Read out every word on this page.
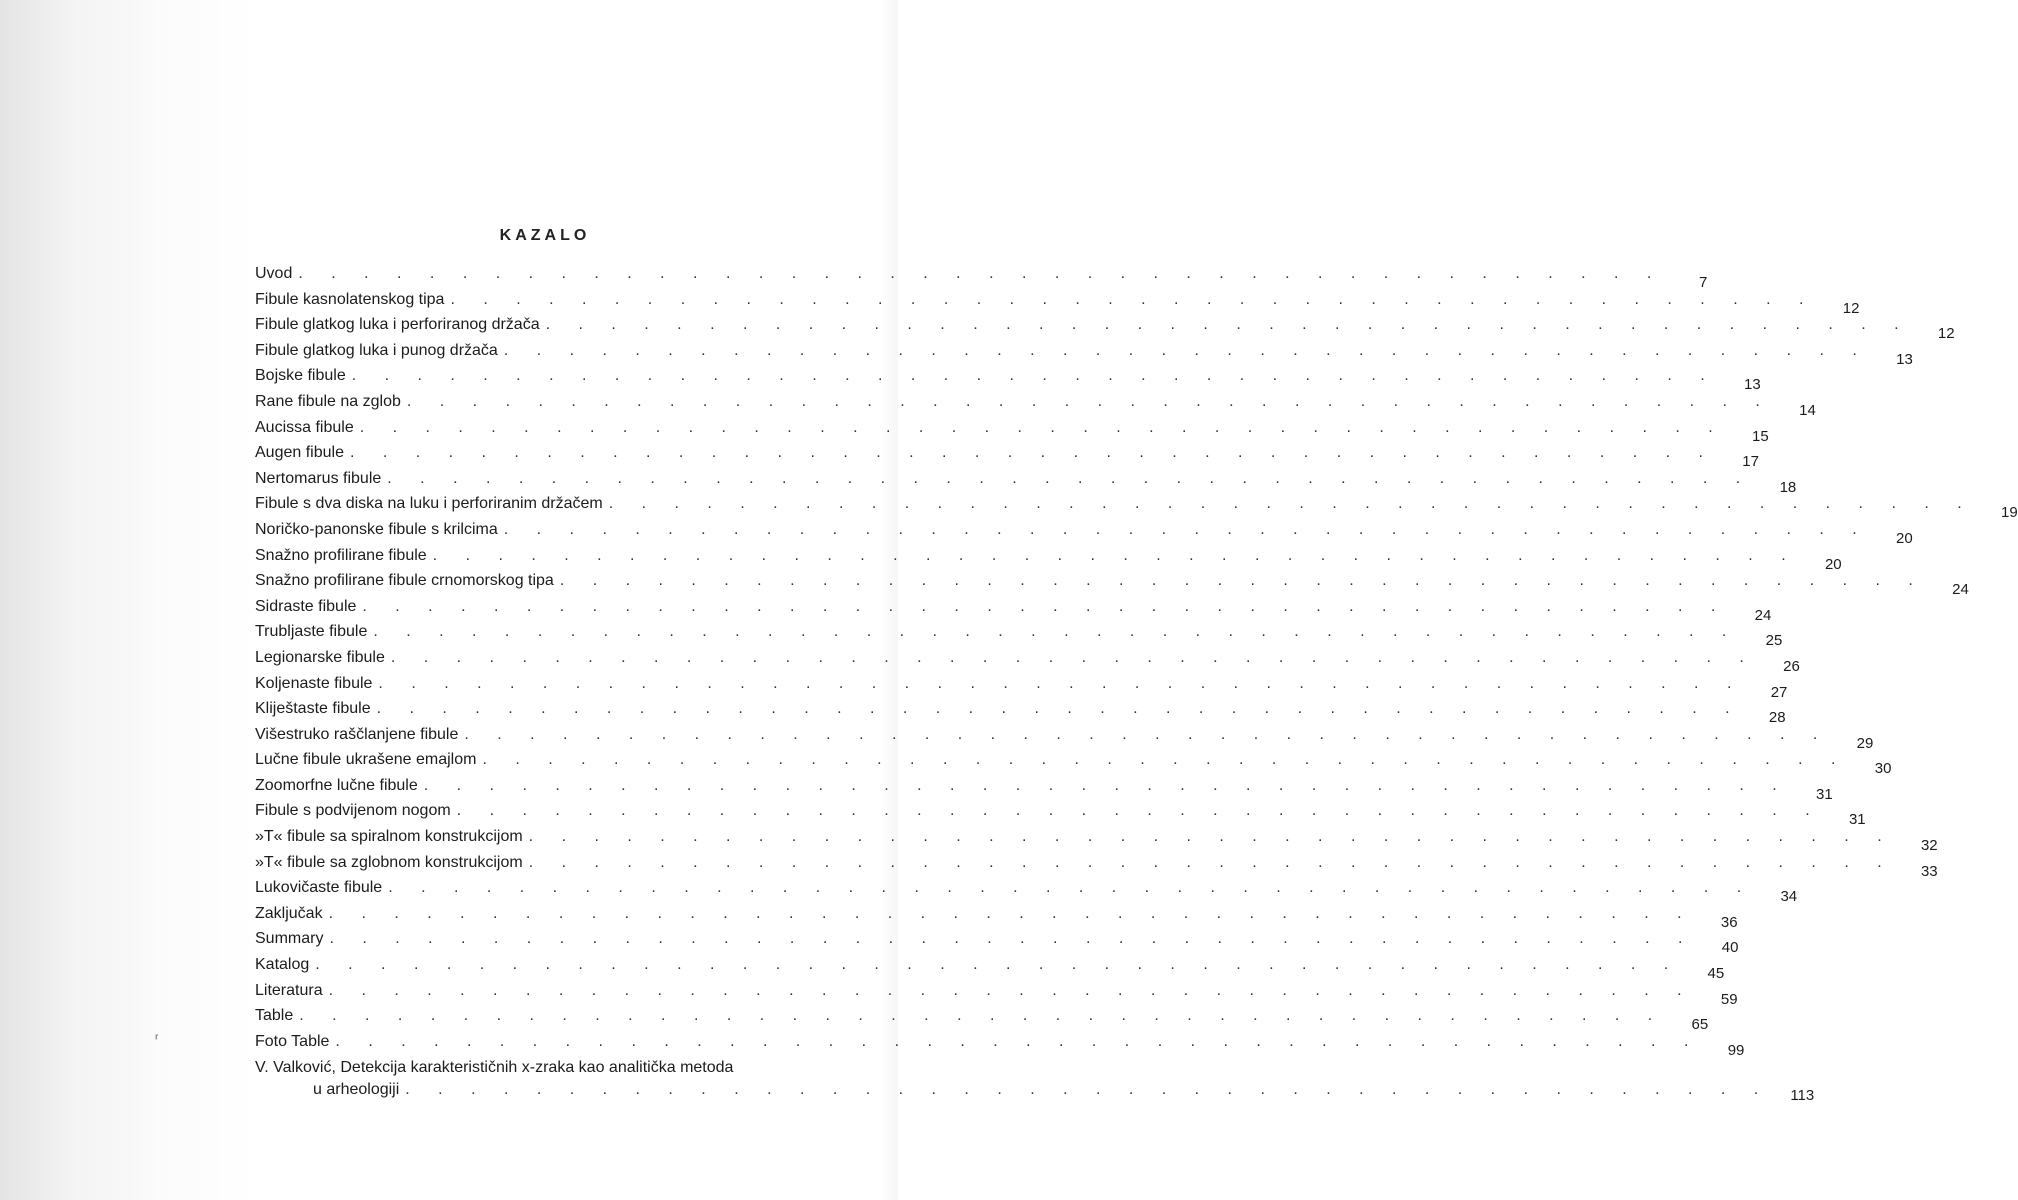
KAZALO
Uvod . . . . . . . . . . . . . . . . . . . . . . . . . . . . . . . . . . . . . . . . . .
7
Fibule kasnolatenskog tipa . . . . . . . . . . . . . . . . . . . . . . . . . . . . . . . . . . . . . . . . . .
12
Fibule glatkog luka i perforiranog držača . . . . . . . . . . . . . . . . . . . . . . . . . . . . . . . . . . . . . . . . . .
12
Fibule glatkog luka i punog držača . . . . . . . . . . . . . . . . . . . . . . . . . . . . . . . . . . . . . . . . . .
13
Bojske fibule . . . . . . . . . . . . . . . . . . . . . . . . . . . . . . . . . . . . . . . . . .
13
Rane fibule na zglob . . . . . . . . . . . . . . . . . . . . . . . . . . . . . . . . . . . . . . . . . .
14
Aucissa fibule . . . . . . . . . . . . . . . . . . . . . . . . . . . . . . . . . . . . . . . . . .
15
Augen fibule . . . . . . . . . . . . . . . . . . . . . . . . . . . . . . . . . . . . . . . . . .
17
Nertomarus fibule . . . . . . . . . . . . . . . . . . . . . . . . . . . . . . . . . . . . . . . . . .
18
Fibule s dva diska na luku i perforiranim držačem . . . . . . . . . . . . . . . . . . . . . . . . . . . . . . . . . . . . . . . . . .
19
Noričko-panonske fibule s krilcima . . . . . . . . . . . . . . . . . . . . . . . . . . . . . . . . . . . . . . . . . .
20
Snažno profilirane fibule . . . . . . . . . . . . . . . . . . . . . . . . . . . . . . . . . . . . . . . . . .
20
Snažno profilirane fibule crnomorskog tipa . . . . . . . . . . . . . . . . . . . . . . . . . . . . . . . . . . . . . . . . . .
24
Sidraste fibule . . . . . . . . . . . . . . . . . . . . . . . . . . . . . . . . . . . . . . . . . .
24
Trubljaste fibule . . . . . . . . . . . . . . . . . . . . . . . . . . . . . . . . . . . . . . . . . .
25
Legionarske fibule . . . . . . . . . . . . . . . . . . . . . . . . . . . . . . . . . . . . . . . . . .
26
Koljenaste fibule . . . . . . . . . . . . . . . . . . . . . . . . . . . . . . . . . . . . . . . . . .
27
Kliještaste fibule . . . . . . . . . . . . . . . . . . . . . . . . . . . . . . . . . . . . . . . . . .
28
Višestruko raščlanjene fibule . . . . . . . . . . . . . . . . . . . . . . . . . . . . . . . . . . . . . . . . . .
29
Lučne fibule ukrašene emajlom . . . . . . . . . . . . . . . . . . . . . . . . . . . . . . . . . . . . . . . . . .
30
Zoomorfne lučne fibule . . . . . . . . . . . . . . . . . . . . . . . . . . . . . . . . . . . . . . . . . .
31
Fibule s podvijenom nogom . . . . . . . . . . . . . . . . . . . . . . . . . . . . . . . . . . . . . . . . . .
31
»T« fibule sa spiralnom konstrukcijom . . . . . . . . . . . . . . . . . . . . . . . . . . . . . . . . . . . . . . . . . .
32
»T« fibule sa zglobnom konstrukcijom . . . . . . . . . . . . . . . . . . . . . . . . . . . . . . . . . . . . . . . . . .
33
Lukovičaste fibule . . . . . . . . . . . . . . . . . . . . . . . . . . . . . . . . . . . . . . . . . .
34
Zaključak . . . . . . . . . . . . . . . . . . . . . . . . . . . . . . . . . . . . . . . . . .
36
Summary . . . . . . . . . . . . . . . . . . . . . . . . . . . . . . . . . . . . . . . . . .
40
Katalog . . . . . . . . . . . . . . . . . . . . . . . . . . . . . . . . . . . . . . . . . .
45
Literatura . . . . . . . . . . . . . . . . . . . . . . . . . . . . . . . . . . . . . . . . . .
59
Table . . . . . . . . . . . . . . . . . . . . . . . . . . . . . . . . . . . . . . . . . .
65
Foto Table . . . . . . . . . . . . . . . . . . . . . . . . . . . . . . . . . . . . . . . . . .
99
V. Valković, Detekcija karakterističnih x-zraka kao analitička metoda
u arheologiji . . . . . . . . . . . . . . . . . . . . . . . . . . . . . . . . . . . . . . . . . .	113
ʳ
